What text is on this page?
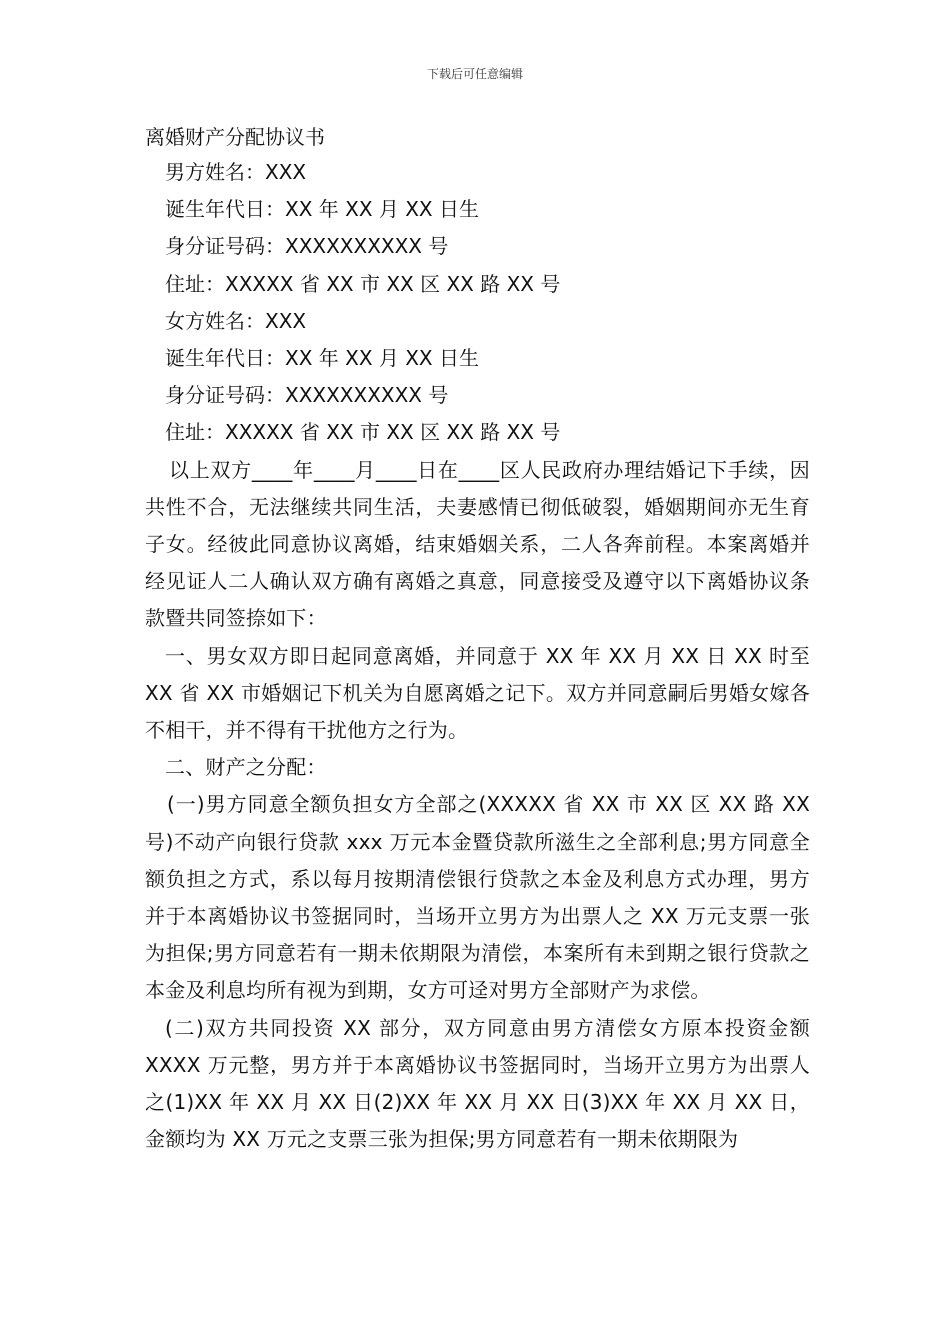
下载后可任意编辑
离婚财产分配协议书
男方姓名：XXX
诞生年代日：XX 年 XX 月 XX 日生
身分证号码：XXXXXXXXXX 号
住址：XXXXX 省 XX 市 XX 区 XX 路 XX 号
女方姓名：XXX
诞生年代日：XX 年 XX 月 XX 日生
身分证号码：XXXXXXXXXX 号
住址：XXXXX 省 XX 市 XX 区 XX 路 XX 号

以上双方____年____月____日在____区人民政府办理结婚记下手续，因共性不合，无法继续共同生活，夫妻感情已彻低破裂，婚姻期间亦无生育子女。经彼此同意协议离婚，结束婚姻关系，二人各奔前程。本案离婚并经见证人二人确认双方确有离婚之真意，同意接受及遵守以下离婚协议条款暨共同签捺如下：

一、男女双方即日起同意离婚，并同意于 XX 年 XX 月 XX 日 XX 时至 XX 省 XX 市婚姻记下机关为自愿离婚之记下。双方并同意嗣后男婚女嫁各不相干，并不得有干扰他方之行为。

二、财产之分配：

(一)男方同意全额负担女方全部之(XXXXX 省 XX 市 XX 区 XX 路 XX 号)不动产向银行贷款 xxx 万元本金暨贷款所滋生之全部利息;男方同意全额负担之方式，系以每月按期清偿银行贷款之本金及利息方式办理，男方并于本离婚协议书签据同时，当场开立男方为出票人之 XX 万元支票一张为担保;男方同意若有一期未依期限为清偿，本案所有未到期之银行贷款之本金及利息均所有视为到期，女方可迳对男方全部财产为求偿。

(二)双方共同投资 XX 部分，双方同意由男方清偿女方原本投资金额 XXXX 万元整，男方并于本离婚协议书签据同时，当场开立男方为出票人之(1)XX 年 XX 月 XX 日(2)XX 年 XX 月 XX 日(3)XX 年 XX 月 XX 日，金额均为 XX 万元之支票三张为担保;男方同意若有一期未依期限为
